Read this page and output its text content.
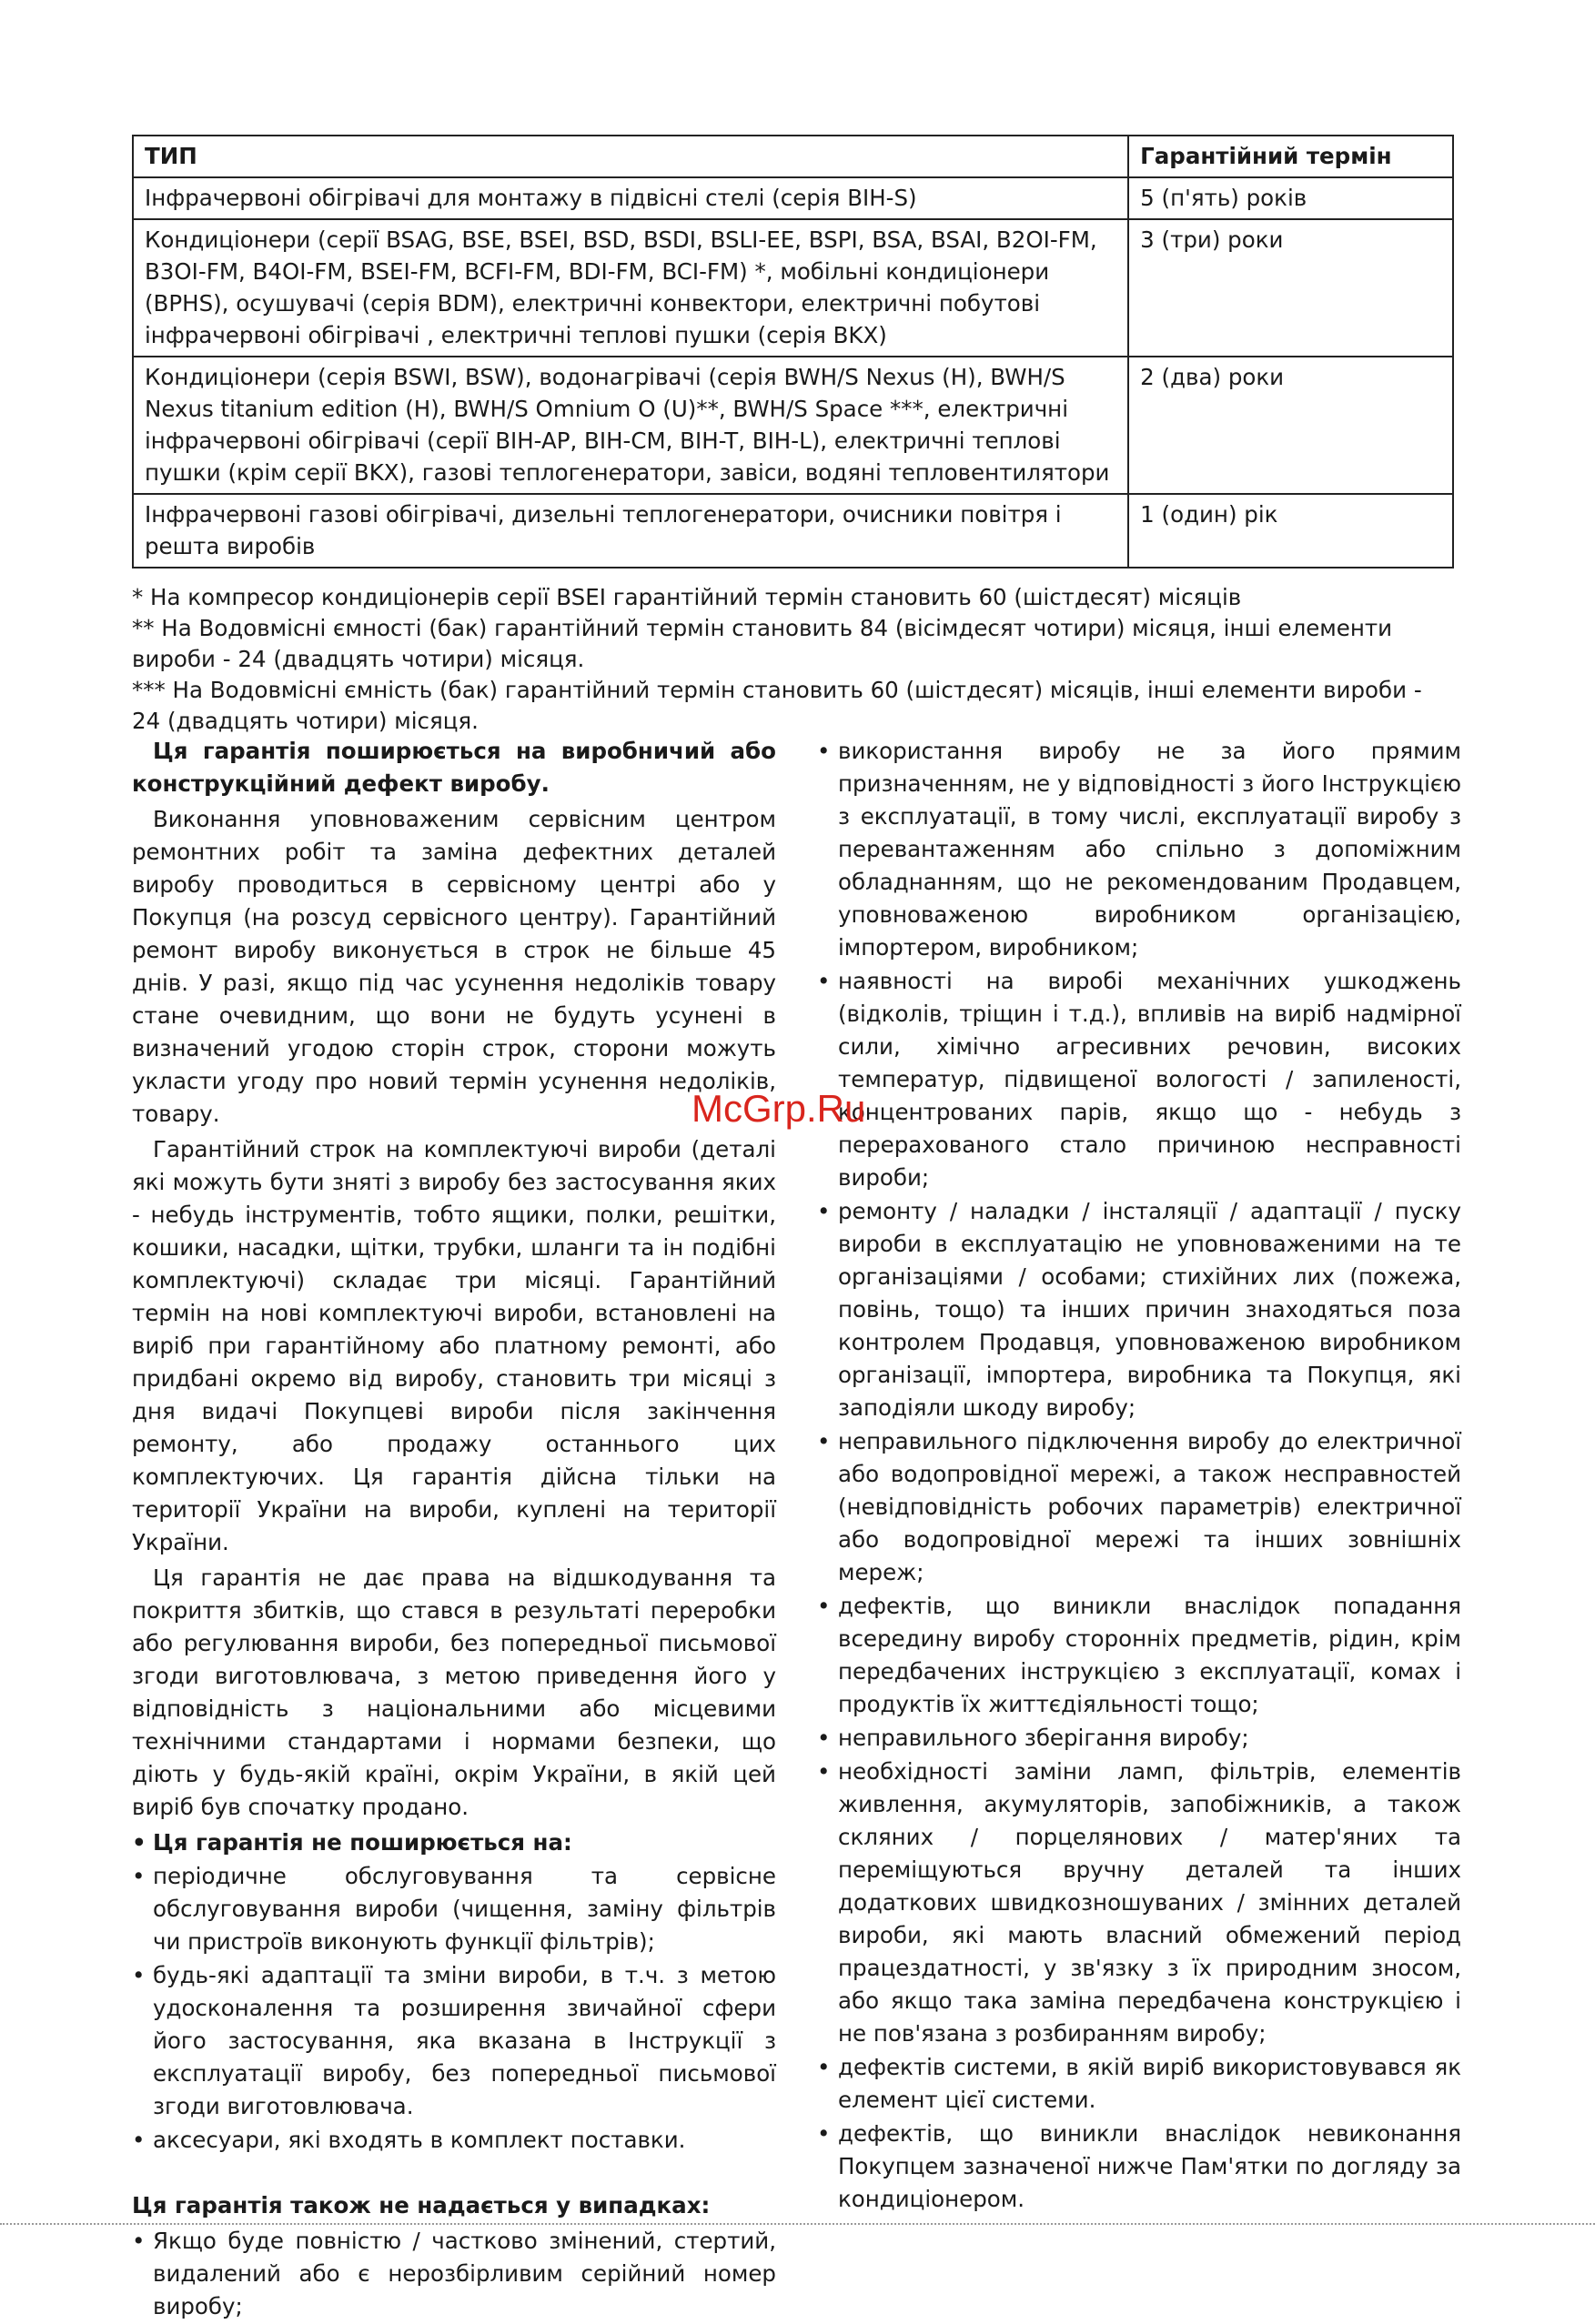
ТИП	Гарантійний термін
Інфрачервоні обігрівачі для монтажу в підвісні стелі (серія BIH-S)	5 (п'ять) років
Кондиціонери (серії BSAG, BSE, BSEI, BSD, BSDI, BSLI-EE, BSPI, BSA, BSAI, B2OI-FM, B3OI-FM, B4OI-FM, BSEI-FM, BCFI-FM, BDI-FM, BCI-FM) *, мобільні кондиціонери (BPHS), осушувачі (серія BDM), електричні конвектори, електричні побутові інфрачервоні обігрівачі , електричні теплові пушки (серія BKX)	3 (три) роки
Кондиціонери (серія BSWI, BSW), водонагрівачі (серія BWH/S Nexus (H), BWH/S Nexus titanium edition (H), BWH/S Omnium O (U)**, BWH/S Space ***, електричні інфрачервоні обігрівачі (серії BIH-AP, BIH-CM, BIH-T, BIH-L), електричні теплові пушки (крім серії BKX), газові теплогенератори, завіси, водяні тепловентилятори	2 (два) роки
Інфрачервоні газові обігрівачі, дизельні теплогенератори, очисники повітря і решта виробів	1 (один) рік

* На компресор кондиціонерів серії BSEI гарантійний термін становить 60 (шістдесят) місяців

** На Водовмісні ємності (бак) гарантійний термін становить 84 (вісімдесят чотири) місяця, інші елементи вироби - 24 (двадцять чотири) місяця.

*** На Водовмісні ємність (бак) гарантійний термін становить 60 (шістдесят) місяців, інші елементи вироби - 24 (двадцять чотири) місяця.

Ця гарантія поширюється на виробничий або конструкційний дефект виробу.

Виконання уповноваженим сервісним центром ремонтних робіт та заміна дефектних деталей виробу проводиться в сервісному центрі або у Покупця (на розсуд сервісного центру). Гарантійний ремонт виробу виконується в строк не більше 45 днів. У разі, якщо під час усунення недоліків товару стане очевидним, що вони не будуть усунені в визначений угодою сторін строк, сторони можуть укласти угоду про новий термін усунення недоліків, товару.

Гарантійний строк на комплектуючі вироби (деталі які можуть бути зняті з виробу без застосування яких - небудь інструментів, тобто ящики, полки, решітки, кошики, насадки, щітки, трубки, шланги та ін подібні комплектуючі) складає три місяці. Гарантійний термін на нові комплектуючі вироби, встановлені на виріб при гарантійному або платному ремонті, або придбані окремо від виробу, становить три місяці з дня видачі Покупцеві вироби після закінчення ремонту, або продажу останнього цих комплектуючих. Ця гарантія дійсна тільки на території України на вироби, куплені на території України.

Ця гарантія не дає права на відшкодування та покриття збитків, що стався в результаті переробки або регулювання вироби, без попередньої письмової згоди виготовлювача, з метою приведення його у відповідність з національними або місцевими технічними стандартами і нормами безпеки, що діють у будь-якій країні, окрім України, в якій цей виріб був спочатку продано.

• Ця гарантія не поширюється на:
• періодичне обслуговування та сервісне обслуговування вироби (чищення, заміну фільтрів чи пристроїв виконують функції фільтрів);
• будь-які адаптації та зміни вироби, в т.ч. з метою удосконалення та розширення звичайної сфери його застосування, яка вказана в Інструкції з експлуатації виробу, без попередньої письмової згоди виготовлювача.
• аксесуари, які входять в комплект поставки.

Ця гарантія також не надається у випадках:

• Якщо буде повністю / частково змінений, стертий, видалений або є нерозбірливим серійний номер виробу;
• використання виробу не за його прямим призначенням, не у відповідності з його Інструкцією з експлуатації, в тому числі, експлуатації виробу з перевантаженням або спільно з допоміжним обладнанням, що не рекомендованим Продавцем, уповноваженою виробником організацією, імпортером, виробником;
• наявності на виробі механічних ушкоджень (відколів, тріщин і т.д.), впливів на виріб надмірної сили, хімічно агресивних речовин, високих температур, підвищеної вологості / запиленості, концентрованих парів, якщо що - небудь з перерахованого стало причиною несправності вироби;
• ремонту / наладки / інсталяції / адаптації / пуску вироби в експлуатацію не уповноваженими на те організаціями / особами; стихійних лих (пожежа, повінь, тощо) та інших причин знаходяться поза контролем Продавця, уповноваженою виробником організації, імпортера, виробника та Покупця, які заподіяли шкоду виробу;
• неправильного підключення виробу до електричної або водопровідної мережі, а також несправностей (невідповідність робочих параметрів) електричної або водопровідної мережі та інших зовнішніх мереж;
• дефектів, що виникли внаслідок попадання всередину виробу сторонніх предметів, рідин, крім передбачених інструкцією з експлуатації, комах і продуктів їх життєдіяльності тощо;
• неправильного зберігання виробу;
• необхідності заміни ламп, фільтрів, елементів живлення, акумуляторів, запобіжників, а також скляних / порцелянових / матер'яних та переміщуються вручну деталей та інших додаткових швидкозношуваних / змінних деталей вироби, які мають власний обмежений період працездатності, у зв'язку з їх природним зносом, або якщо така заміна передбачена конструкцією і не пов'язана з розбиранням виробу;
• дефектів системи, в якій виріб використовувався як елемент цієї системи.
• дефектів, що виникли внаслідок невиконання Покупцем зазначеної нижче Пам'ятки по догляду за кондиціонером.
McGrp.Ru
